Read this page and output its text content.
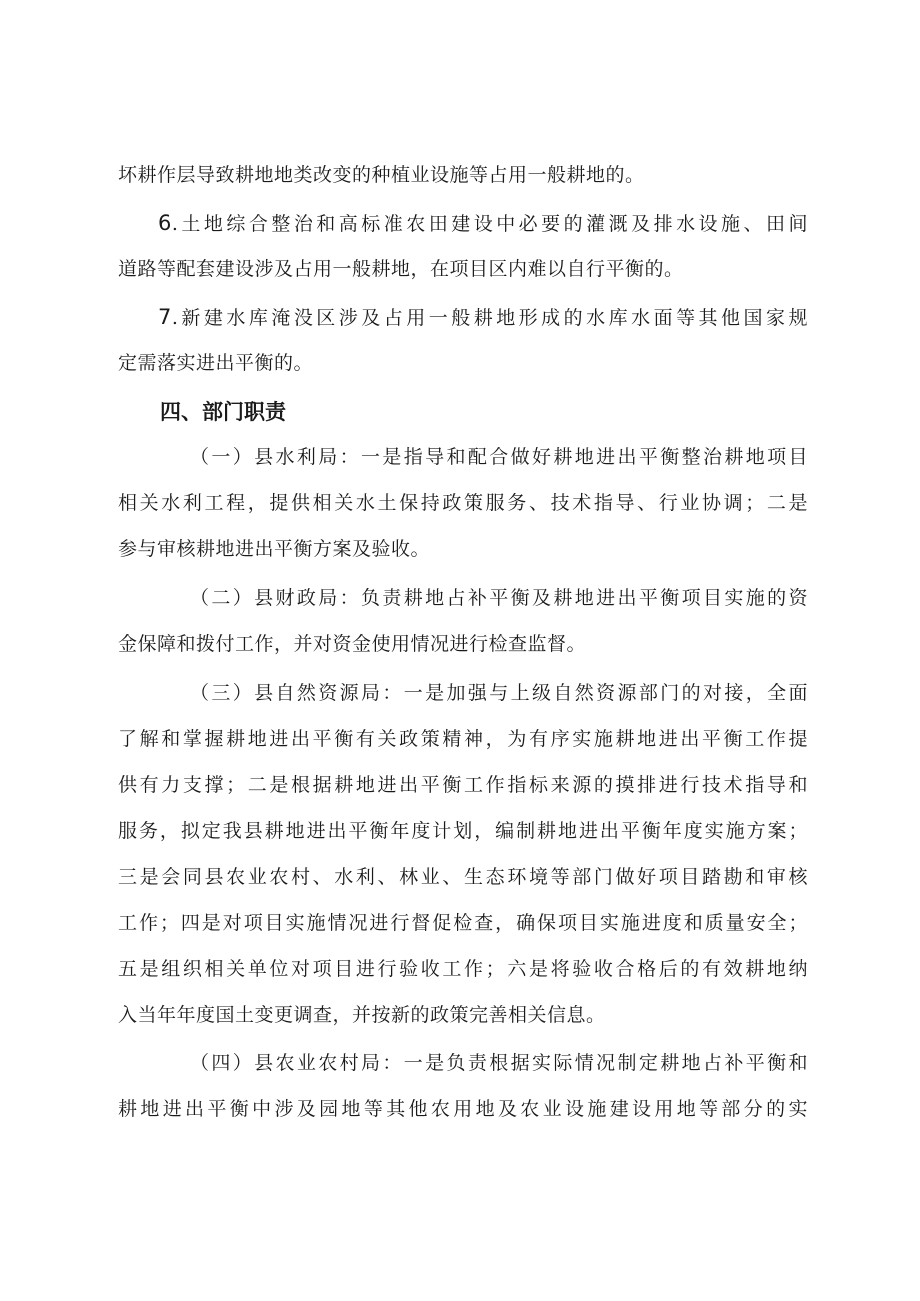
坏耕作层导致耕地地类改变的种植业设施等占用一般耕地的。
6.土地综合整治和高标准农田建设中必要的灌溉及排水设施、田间
道路等配套建设涉及占用一般耕地，在项目区内难以自行平衡的。
7.新建水库淹没区涉及占用一般耕地形成的水库水面等其他国家规
定需落实进出平衡的。
四、部门职责
（一）县水利局：一是指导和配合做好耕地进出平衡整治耕地项目
相关水利工程，提供相关水土保持政策服务、技术指导、行业协调；二是
参与审核耕地进出平衡方案及验收。
（二）县财政局：负责耕地占补平衡及耕地进出平衡项目实施的资
金保障和拨付工作，并对资金使用情况进行检查监督。
（三）县自然资源局：一是加强与上级自然资源部门的对接，全面
了解和掌握耕地进出平衡有关政策精神，为有序实施耕地进出平衡工作提
供有力支撑；二是根据耕地进出平衡工作指标来源的摸排进行技术指导和
服务，拟定我县耕地进出平衡年度计划，编制耕地进出平衡年度实施方案；
三是会同县农业农村、水利、林业、生态环境等部门做好项目踏勘和审核
工作；四是对项目实施情况进行督促检查，确保项目实施进度和质量安全；
五是组织相关单位对项目进行验收工作；六是将验收合格后的有效耕地纳
入当年年度国土变更调查，并按新的政策完善相关信息。
（四）县农业农村局：一是负责根据实际情况制定耕地占补平衡和
耕地进出平衡中涉及园地等其他农用地及农业设施建设用地等部分的实
